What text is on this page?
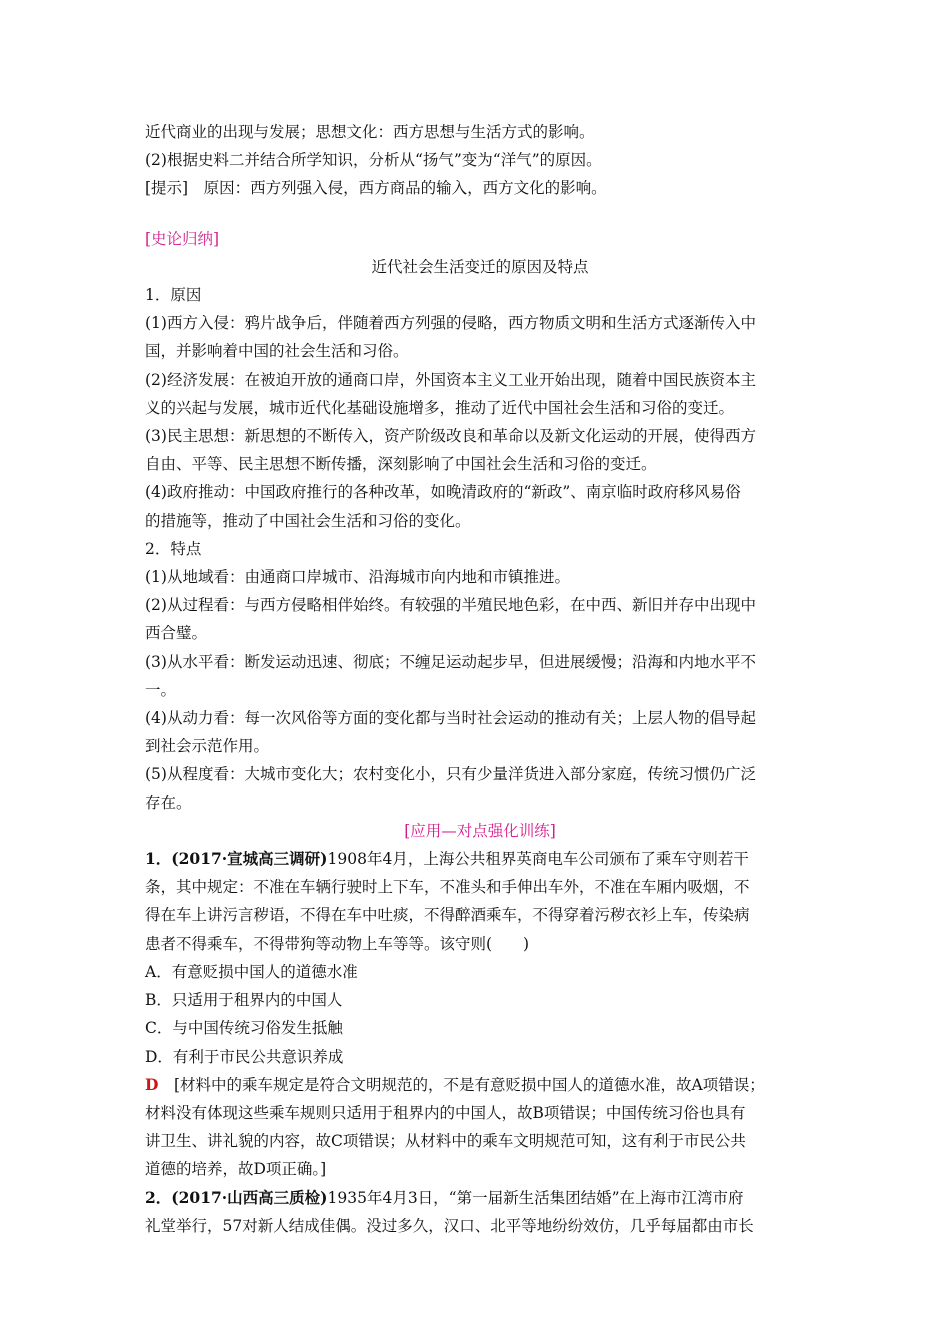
近代商业的出现与发展；思想文化：西方思想与生活方式的影响。
(2)根据史料二并结合所学知识，分析从“扬气”变为“洋气”的原因。
[提示]　原因：西方列强入侵，西方商品的输入，西方文化的影响。
[史论归纳]
近代社会生活变迁的原因及特点
1．原因
(1)西方入侵：鸦片战争后，伴随着西方列强的侵略，西方物质文明和生活方式逐渐传入中
国，并影响着中国的社会生活和习俗。
(2)经济发展：在被迫开放的通商口岸，外国资本主义工业开始出现，随着中国民族资本主
义的兴起与发展，城市近代化基础设施增多，推动了近代中国社会生活和习俗的变迁。
(3)民主思想：新思想的不断传入，资产阶级改良和革命以及新文化运动的开展，使得西方
自由、平等、民主思想不断传播，深刻影响了中国社会生活和习俗的变迁。
(4)政府推动：中国政府推行的各种改革，如晚清政府的“新政”、南京临时政府移风易俗
的措施等，推动了中国社会生活和习俗的变化。
2．特点
(1)从地域看：由通商口岸城市、沿海城市向内地和市镇推进。
(2)从过程看：与西方侵略相伴始终。有较强的半殖民地色彩，在中西、新旧并存中出现中
西合璧。
(3)从水平看：断发运动迅速、彻底；不缠足运动起步早，但进展缓慢；沿海和内地水平不
一。
(4)从动力看：每一次风俗等方面的变化都与当时社会运动的推动有关；上层人物的倡导起
到社会示范作用。
(5)从程度看：大城市变化大；农村变化小，只有少量洋货进入部分家庭，传统习惯仍广泛
存在。
[应用—对点强化训练]
1．(2017·宣城高三调研)1908年4月，上海公共租界英商电车公司颁布了乘车守则若干
条，其中规定：不准在车辆行驶时上下车，不准头和手伸出车外，不准在车厢内吸烟，不
得在车上讲污言秽语，不得在车中吐痰，不得醉酒乘车，不得穿着污秽衣衫上车，传染病
患者不得乘车，不得带狗等动物上车等等。该守则(　　)
A．有意贬损中国人的道德水准
B．只适用于租界内的中国人
C．与中国传统习俗发生抵触
D．有利于市民公共意识养成
D　[材料中的乘车规定是符合文明规范的，不是有意贬损中国人的道德水准，故A项错误；
材料没有体现这些乘车规则只适用于租界内的中国人，故B项错误；中国传统习俗也具有
讲卫生、讲礼貌的内容，故C项错误；从材料中的乘车文明规范可知，这有利于市民公共
道德的培养，故D项正确。]
2．(2017·山西高三质检)1935年4月3日，“第一届新生活集团结婚”在上海市江湾市府
礼堂举行，57对新人结成佳偶。没过多久，汉口、北平等地纷纷效仿，几乎每届都由市长
